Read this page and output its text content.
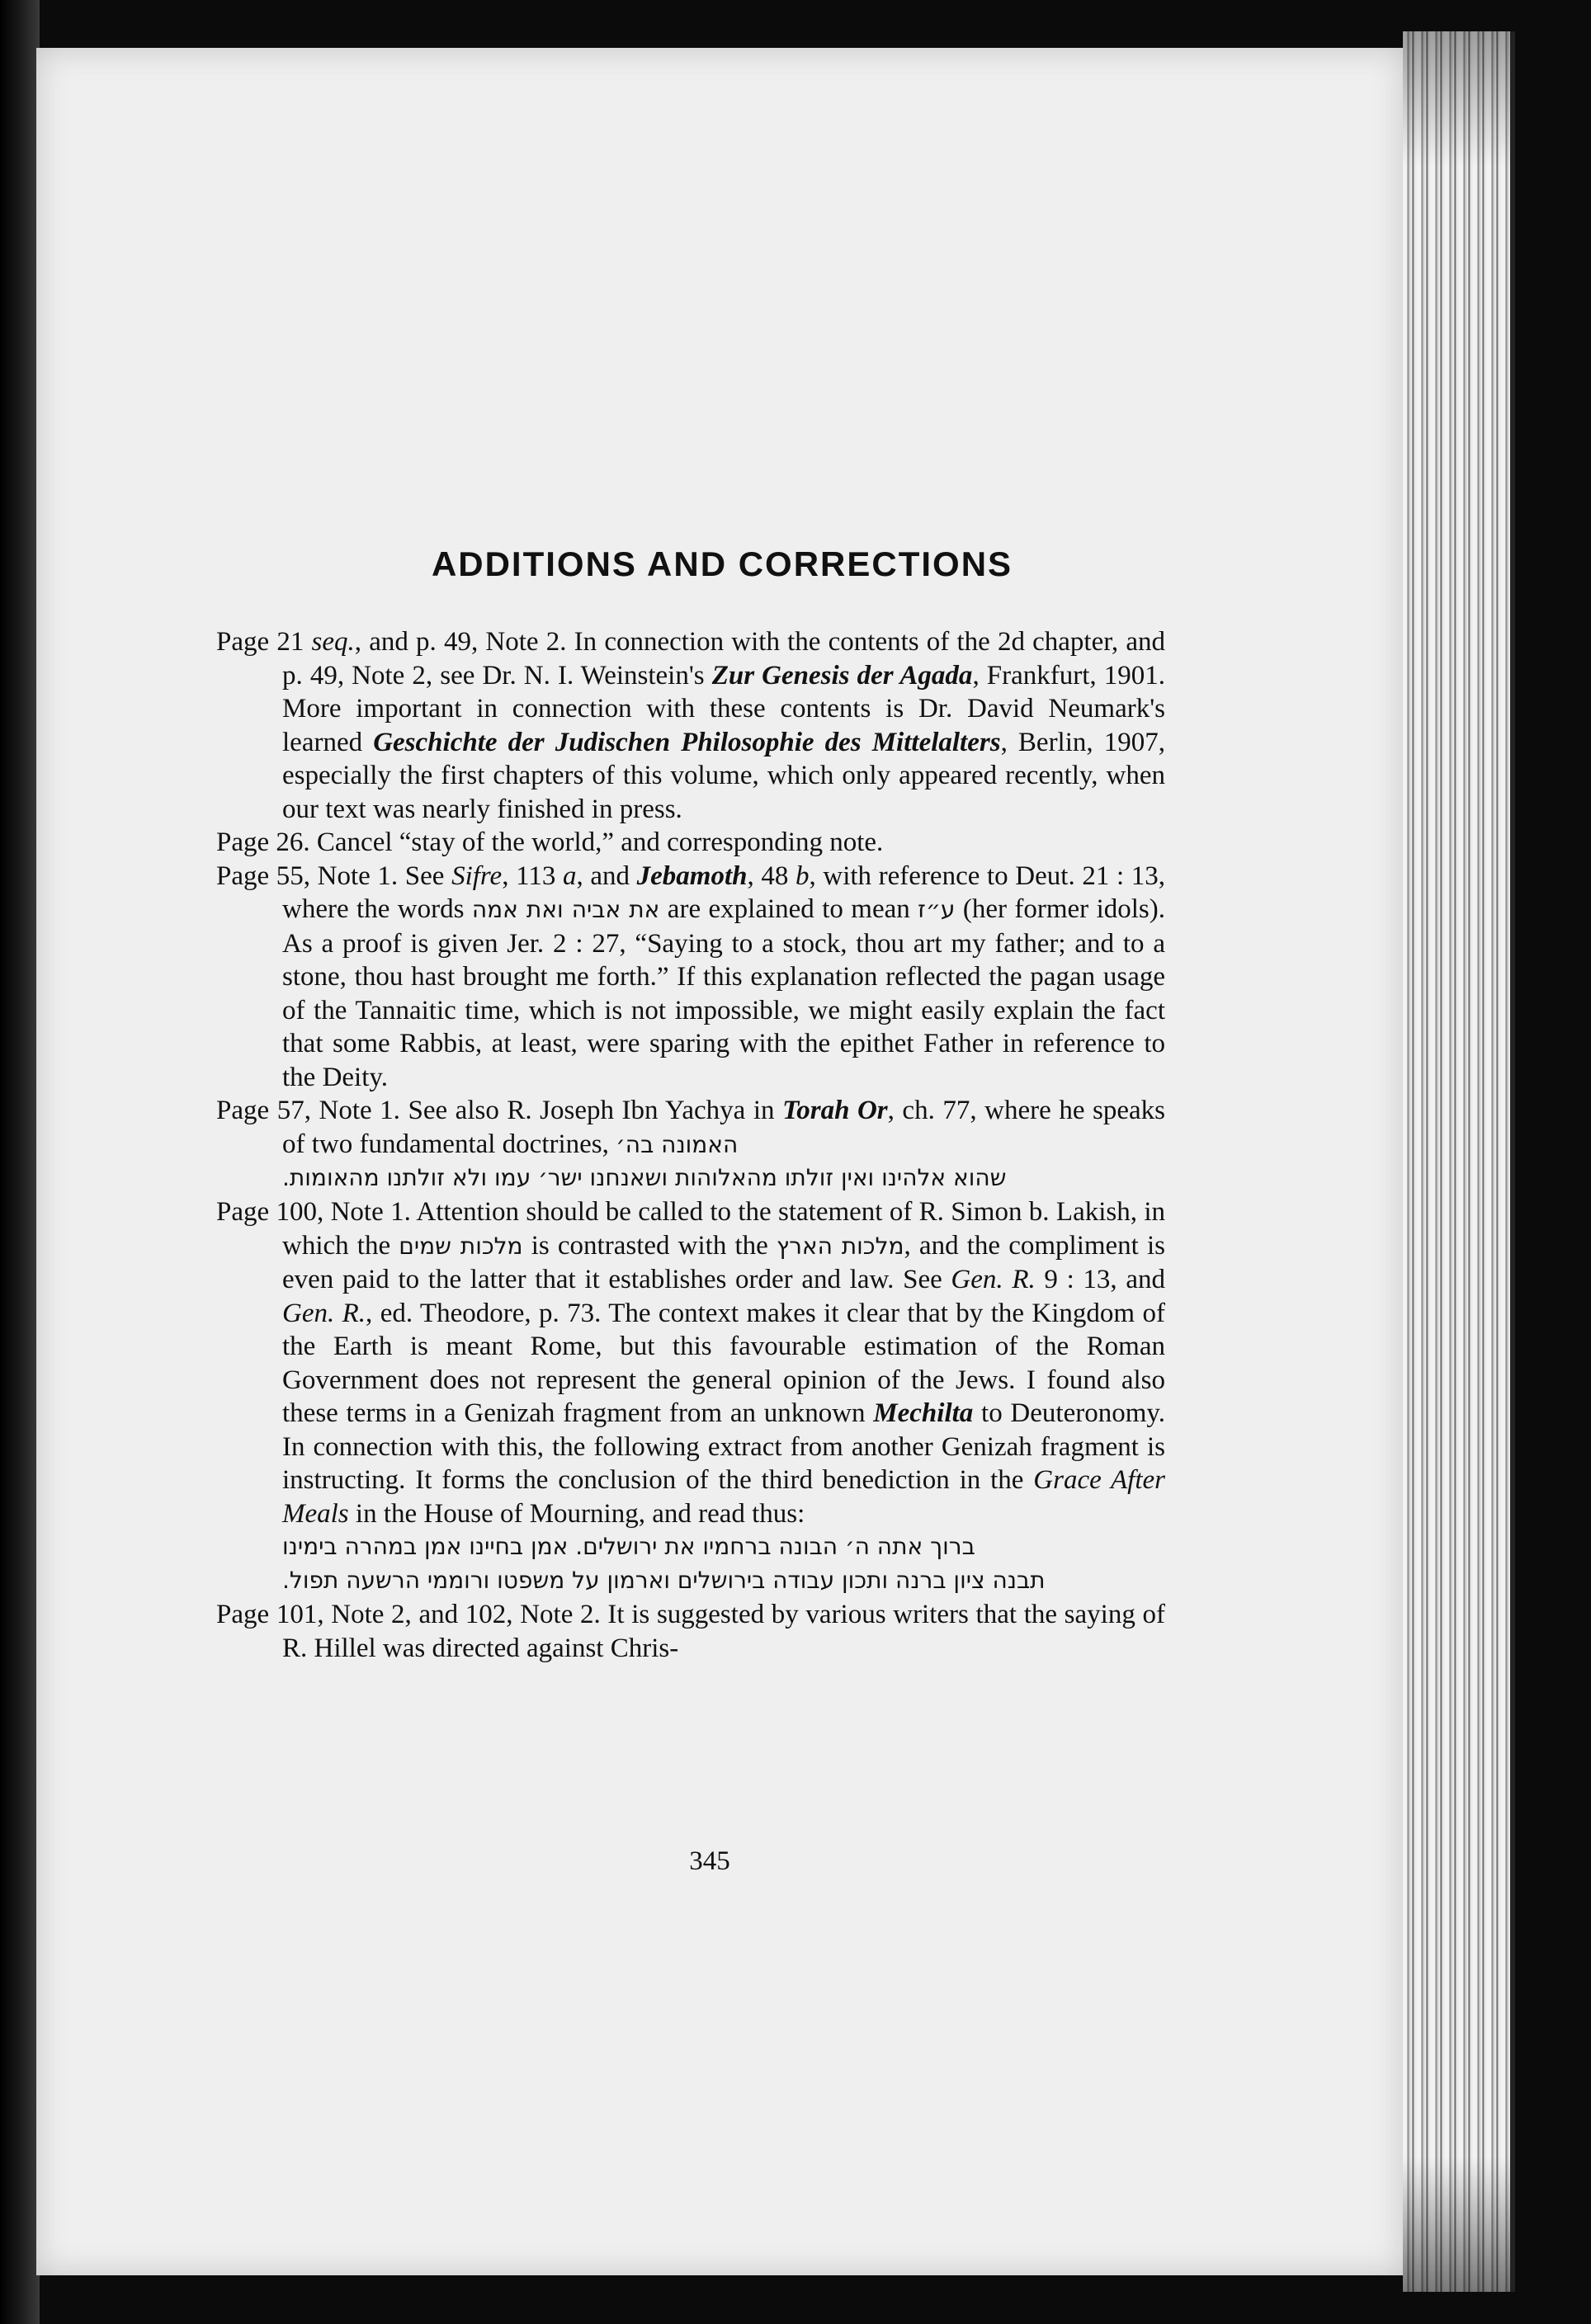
ADDITIONS AND CORRECTIONS

Page 21 seq., and p. 49, Note 2. In connection with the contents of the 2d chapter, and p. 49, Note 2, see Dr. N. I. Weinstein's Zur Genesis der Agada, Frankfurt, 1901. More important in connection with these contents is Dr. David Neumark's learned Geschichte der Judischen Philosophie des Mittelalters, Berlin, 1907, especially the first chapters of this volume, which only appeared recently, when our text was nearly finished in press.

Page 26. Cancel “stay of the world,” and corresponding note.

Page 55, Note 1. See Sifre, 113 a, and Jebamoth, 48 b, with reference to Deut. 21 : 13, where the words את אביה ואת אמה are explained to mean ע״ז (her former idols). As a proof is given Jer. 2 : 27, “Saying to a stock, thou art my father; and to a stone, thou hast brought me forth.” If this explanation reflected the pagan usage of the Tannaitic time, which is not impossible, we might easily explain the fact that some Rabbis, at least, were sparing with the epithet Father in reference to the Deity.

Page 57, Note 1. See also R. Joseph Ibn Yachya in Torah Or, ch. 77, where he speaks of two fundamental doctrines, האמונה בה׳

שהוא אלהינו ואין זולתו מהאלוהות ושאנחנו ישר׳ עמו ולא זולתנו מהאומות.

Page 100, Note 1. Attention should be called to the statement of R. Simon b. Lakish, in which the מלכות שמים is contrasted with the מלכות הארץ, and the compliment is even paid to the latter that it establishes order and law. See Gen. R. 9 : 13, and Gen. R., ed. Theodore, p. 73. The context makes it clear that by the Kingdom of the Earth is meant Rome, but this favourable estimation of the Roman Government does not represent the general opinion of the Jews. I found also these terms in a Genizah fragment from an unknown Mechilta to Deuteronomy. In connection with this, the following extract from another Genizah fragment is instructing. It forms the conclusion of the third benediction in the Grace After Meals in the House of Mourning, and read thus:

ברוך אתה ה׳ הבונה ברחמיו את ירושלים. אמן בחיינו אמן במהרה בימינו
תבנה ציון ברנה ותכון עבודה בירושלים וארמון על משפטו ורוממי הרשעה תפול.

Page 101, Note 2, and 102, Note 2. It is suggested by various writers that the saying of R. Hillel was directed against Chris-

345
